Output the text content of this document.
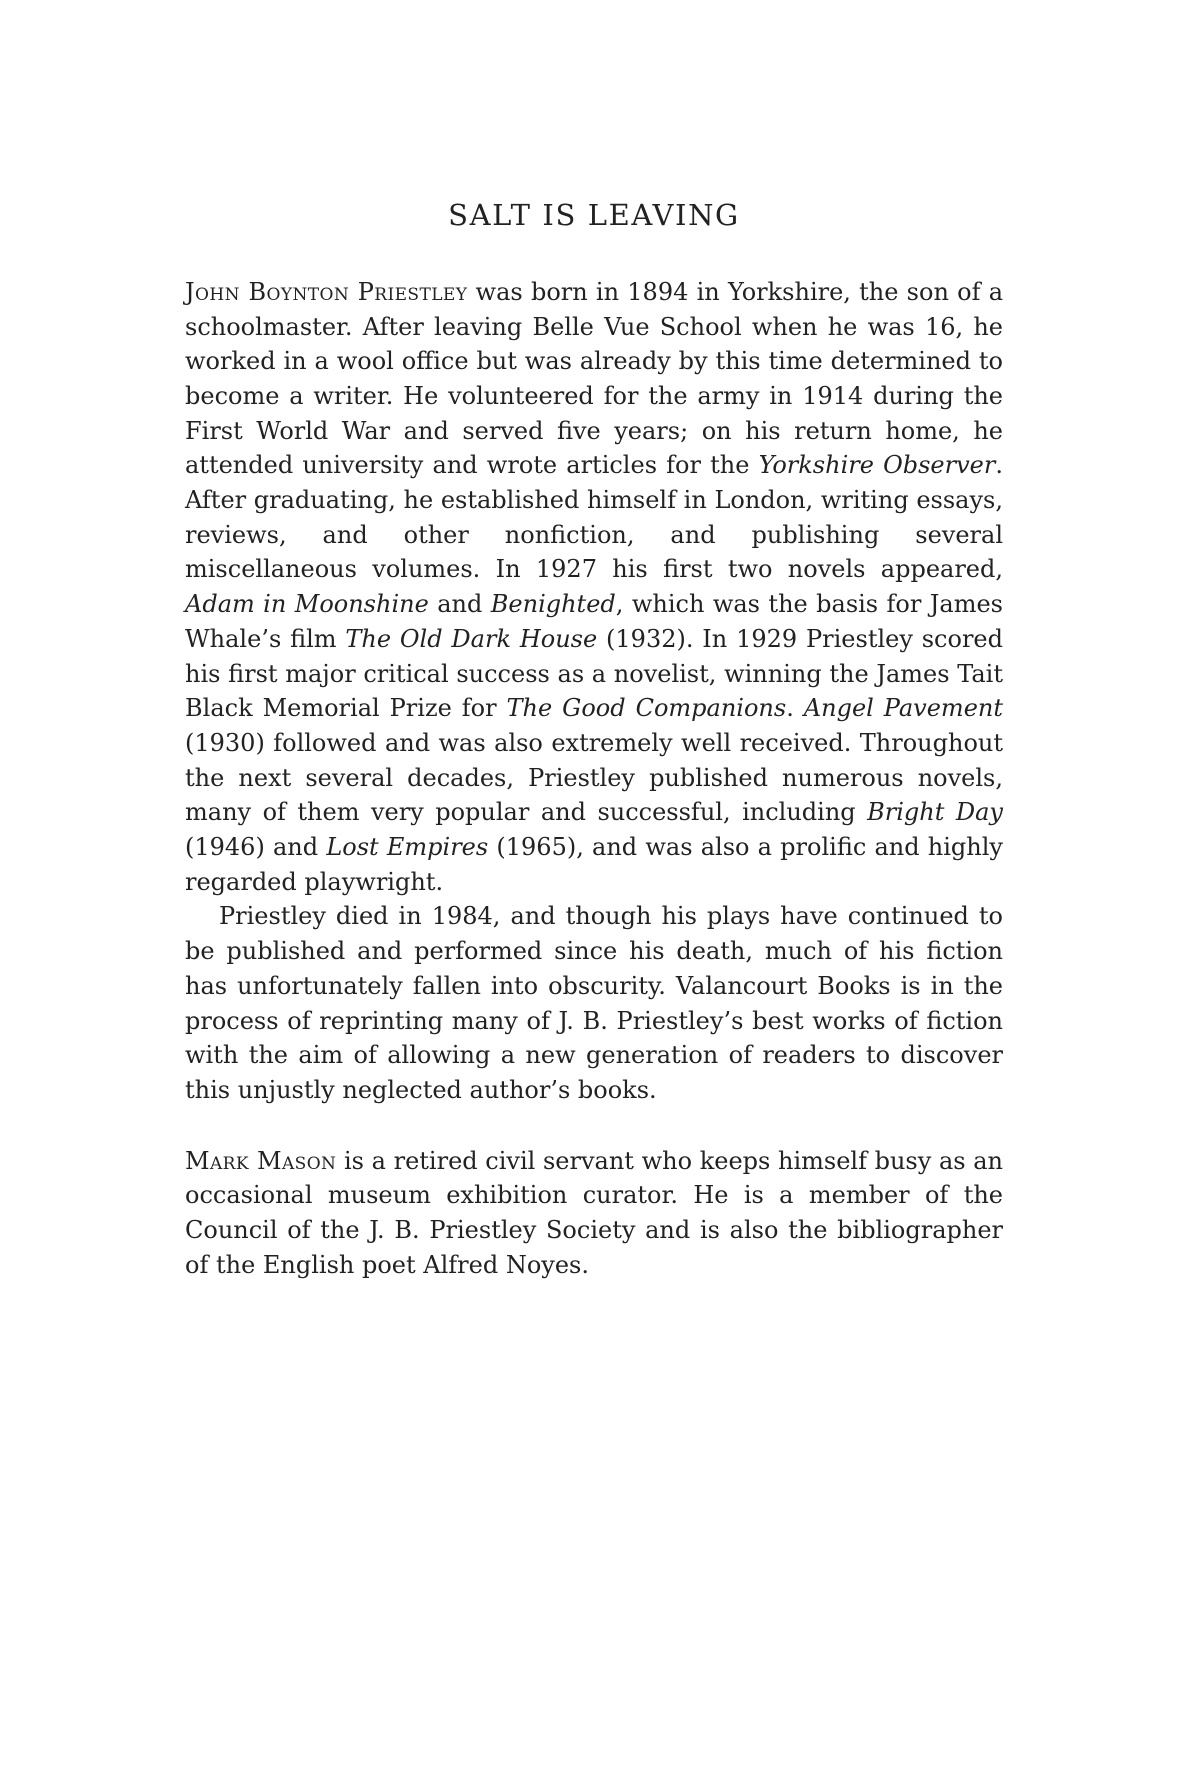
SALT IS LEAVING

John Boynton Priestley was born in 1894 in Yorkshire, the son of a schoolmaster. After leaving Belle Vue School when he was 16, he worked in a wool office but was already by this time determined to become a writer. He volunteered for the army in 1914 during the First World War and served five years; on his return home, he attended university and wrote articles for the Yorkshire Observer. After graduating, he established himself in London, writing essays, reviews, and other nonfiction, and publishing several miscellaneous volumes. In 1927 his first two novels appeared, Adam in Moonshine and Benighted, which was the basis for James Whale’s film The Old Dark House (1932). In 1929 Priestley scored his first major critical success as a novelist, winning the James Tait Black Memorial Prize for The Good Companions. Angel Pavement (1930) followed and was also extremely well received. Throughout the next several decades, Priestley published numerous novels, many of them very popular and successful, including Bright Day (1946) and Lost Empires (1965), and was also a prolific and highly regarded playwright.

Priestley died in 1984, and though his plays have continued to be published and performed since his death, much of his fiction has unfortunately fallen into obscurity. Valancourt Books is in the process of reprinting many of J. B. Priestley’s best works of fiction with the aim of allowing a new generation of readers to discover this unjustly neglected author’s books.

Mark Mason is a retired civil servant who keeps himself busy as an occasional museum exhibition curator. He is a member of the Council of the J. B. Priestley Society and is also the bibliographer of the English poet Alfred Noyes.
